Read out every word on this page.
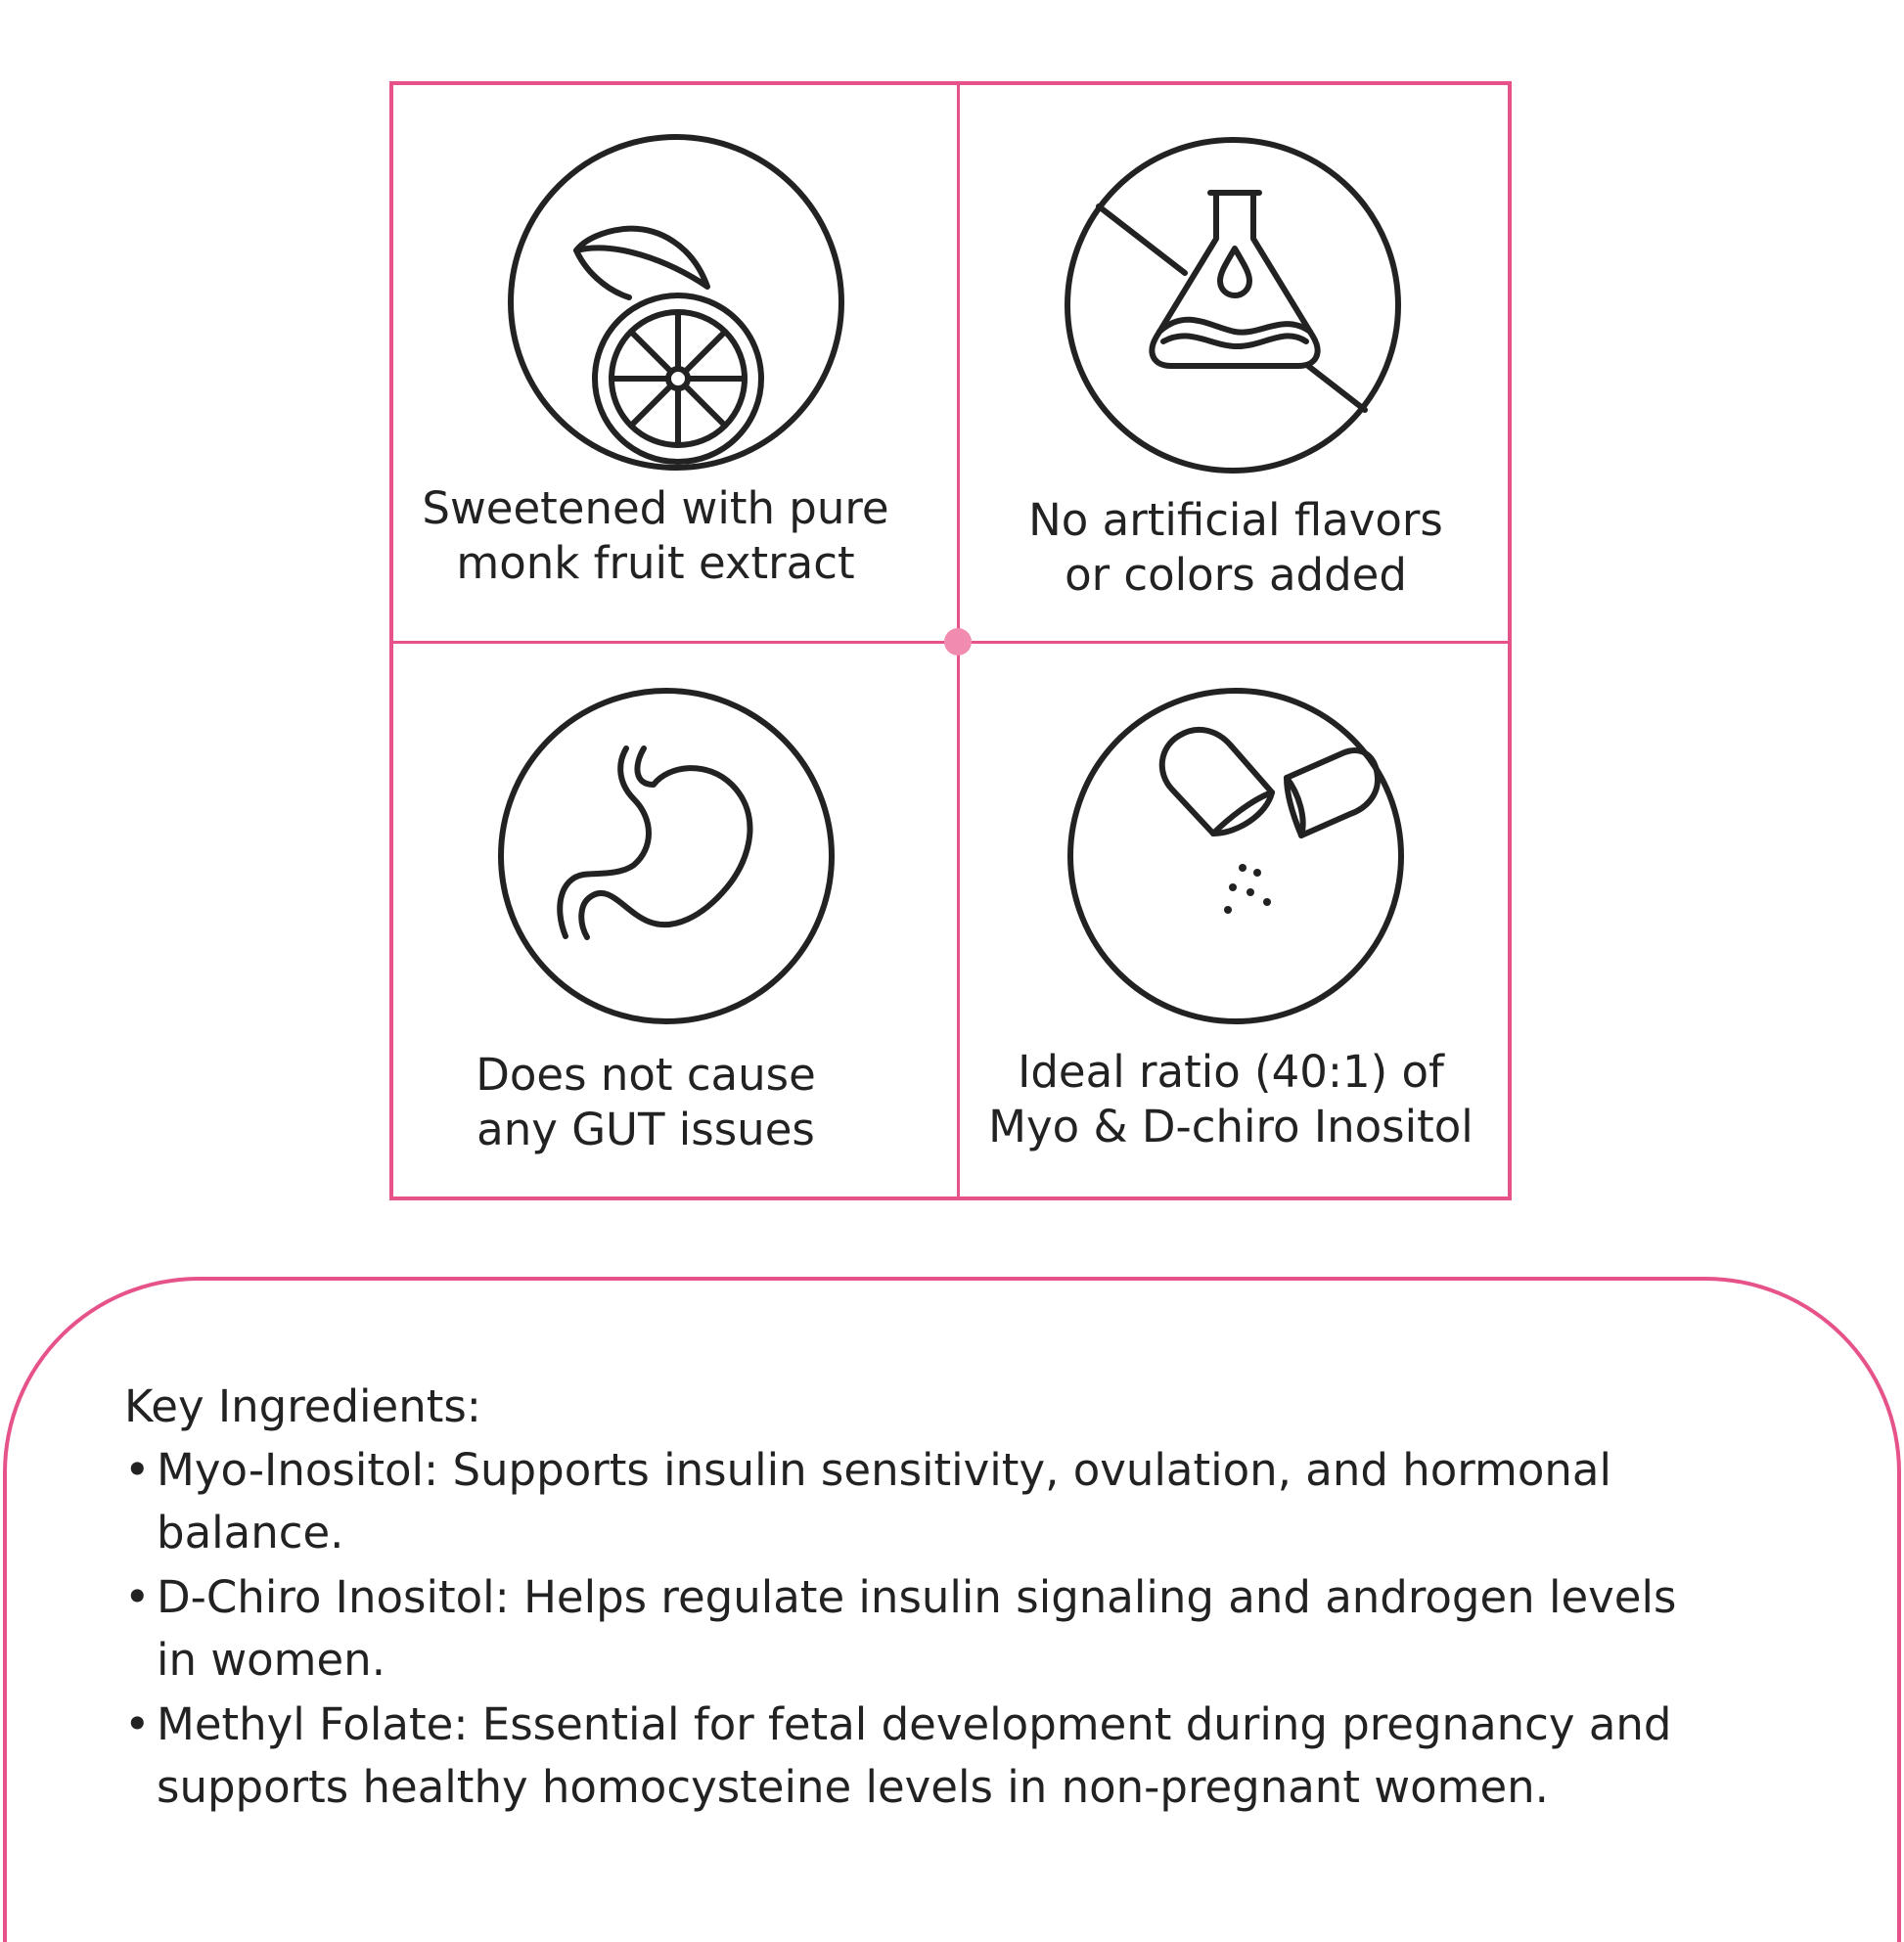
Sweetened with pure
monk fruit extract
No artificial flavors
or colors added
Does not cause
any GUT issues
Ideal ratio (40:1) of
Myo & D-chiro Inositol
Key Ingredients:
• Myo-Inositol: Supports insulin sensitivity, ovulation, and hormonal
balance.
• D-Chiro Inositol: Helps regulate insulin signaling and androgen levels
in women.
• Methyl Folate: Essential for fetal development during pregnancy and
supports healthy homocysteine levels in non-pregnant women.
